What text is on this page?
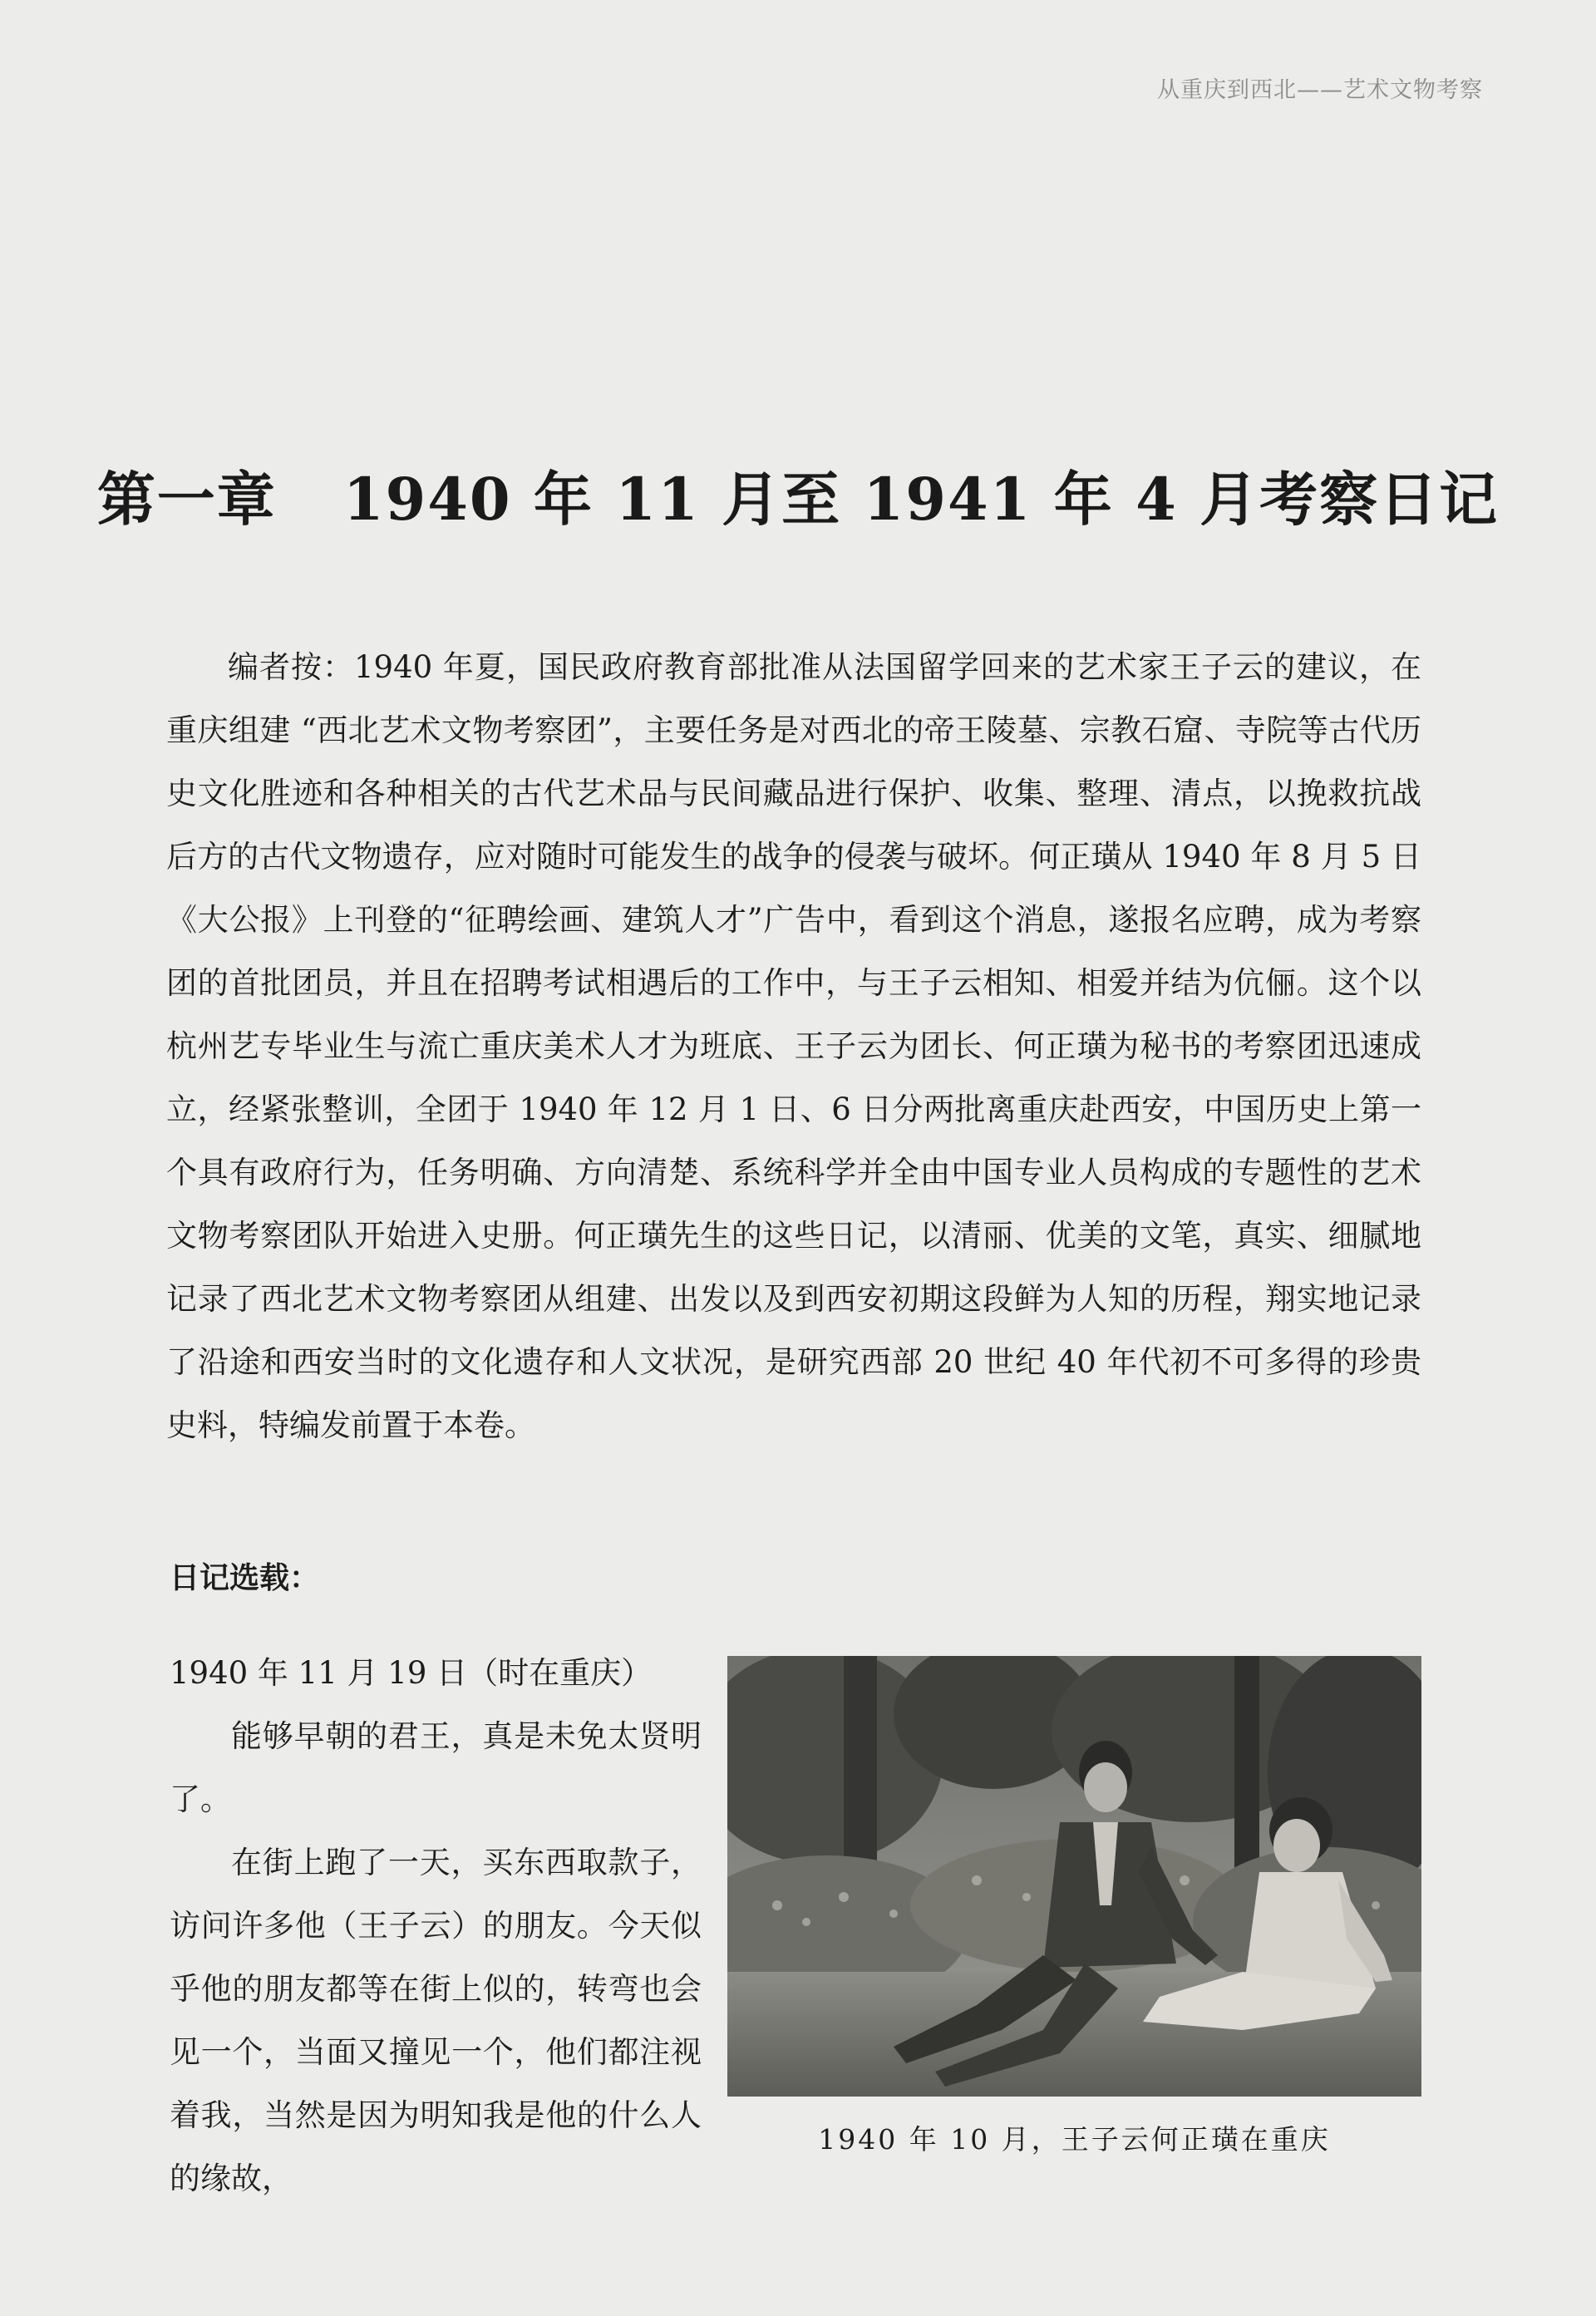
从重庆到西北——艺术文物考察
第一章 1940 年 11 月至 1941 年 4 月考察日记

编者按：1940 年夏，国民政府教育部批准从法国留学回来的艺术家王子云的建议，在重庆组建 “西北艺术文物考察团”，主要任务是对西北的帝王陵墓、宗教石窟、寺院等古代历史文化胜迹和各种相关的古代艺术品与民间藏品进行保护、收集、整理、清点，以挽救抗战后方的古代文物遗存，应对随时可能发生的战争的侵袭与破坏。何正璜从 1940 年 8 月 5 日《大公报》上刊登的“征聘绘画、建筑人才”广告中，看到这个消息，遂报名应聘，成为考察团的首批团员，并且在招聘考试相遇后的工作中，与王子云相知、相爱并结为伉俪。这个以杭州艺专毕业生与流亡重庆美术人才为班底、王子云为团长、何正璜为秘书的考察团迅速成立，经紧张整训，全团于 1940 年 12 月 1 日、6 日分两批离重庆赴西安，中国历史上第一个具有政府行为，任务明确、方向清楚、系统科学并全由中国专业人员构成的专题性的艺术文物考察团队开始进入史册。何正璜先生的这些日记，以清丽、优美的文笔，真实、细腻地记录了西北艺术文物考察团从组建、出发以及到西安初期这段鲜为人知的历程，翔实地记录了沿途和西安当时的文化遗存和人文状况，是研究西部 20 世纪 40 年代初不可多得的珍贵史料，特编发前置于本卷。

日记选载：

1940 年 11 月 19 日（时在重庆）

能够早朝的君王，真是未免太贤明了。

在街上跑了一天，买东西取款子，访问许多他（王子云）的朋友。今天似乎他的朋友都等在街上似的，转弯也会见一个，当面又撞见一个，他们都注视着我，当然是因为明知我是他的什么人的缘故，

1940 年 10 月，王子云何正璜在重庆
